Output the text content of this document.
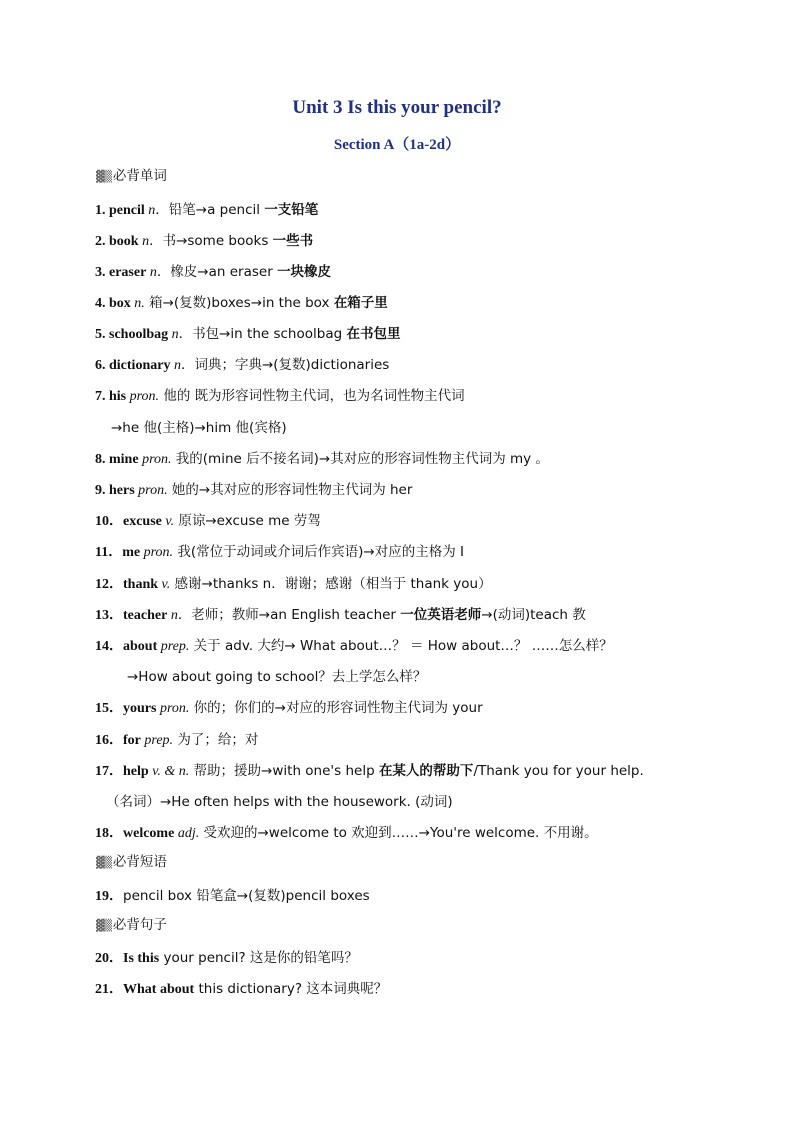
Unit 3 Is this your pencil?
Section A（1a-2d）
▓▒ 必背单词
1. pencil n．铅笔→a pencil 一支铅笔
2. book n．书→some books 一些书
3. eraser n．橡皮→an eraser 一块橡皮
4. box n. 箱→(复数)boxes→in the box 在箱子里
5. schoolbag n．书包→in the schoolbag 在书包里
6. dictionary n．词典；字典→(复数)dictionaries
7. his pron. 他的 既为形容词性物主代词，也为名词性物主代词
→he 他(主格)→him 他(宾格)
8. mine pron. 我的(mine 后不接名词)→其对应的形容词性物主代词为 my 。
9. hers pron. 她的→其对应的形容词性物主代词为 her
10．excuse v. 原谅→excuse me 劳驾
11．me pron. 我(常位于动词或介词后作宾语)→对应的主格为 I
12．thank v. 感谢→thanks n．谢谢；感谢（相当于 thank you）
13．teacher n．老师；教师→an English teacher 一位英语老师→(动词)teach 教
14．about prep. 关于 adv. 大约→ What about…？ ＝ How about…？ ……怎么样？
→How about going to school？去上学怎么样？
15．yours pron. 你的；你们的→对应的形容词性物主代词为 your
16．for prep. 为了；给；对
17．help v. & n. 帮助；援助→with one's help 在某人的帮助下/Thank you for your help.
（名词）→He often helps with the housework. (动词)
18．welcome adj. 受欢迎的→welcome to 欢迎到……→You're welcome. 不用谢。
▓▒ 必背短语
19．pencil box 铅笔盒→(复数)pencil boxes
▓▒ 必背句子
20．Is this your pencil? 这是你的铅笔吗？
21．What about this dictionary? 这本词典呢？
